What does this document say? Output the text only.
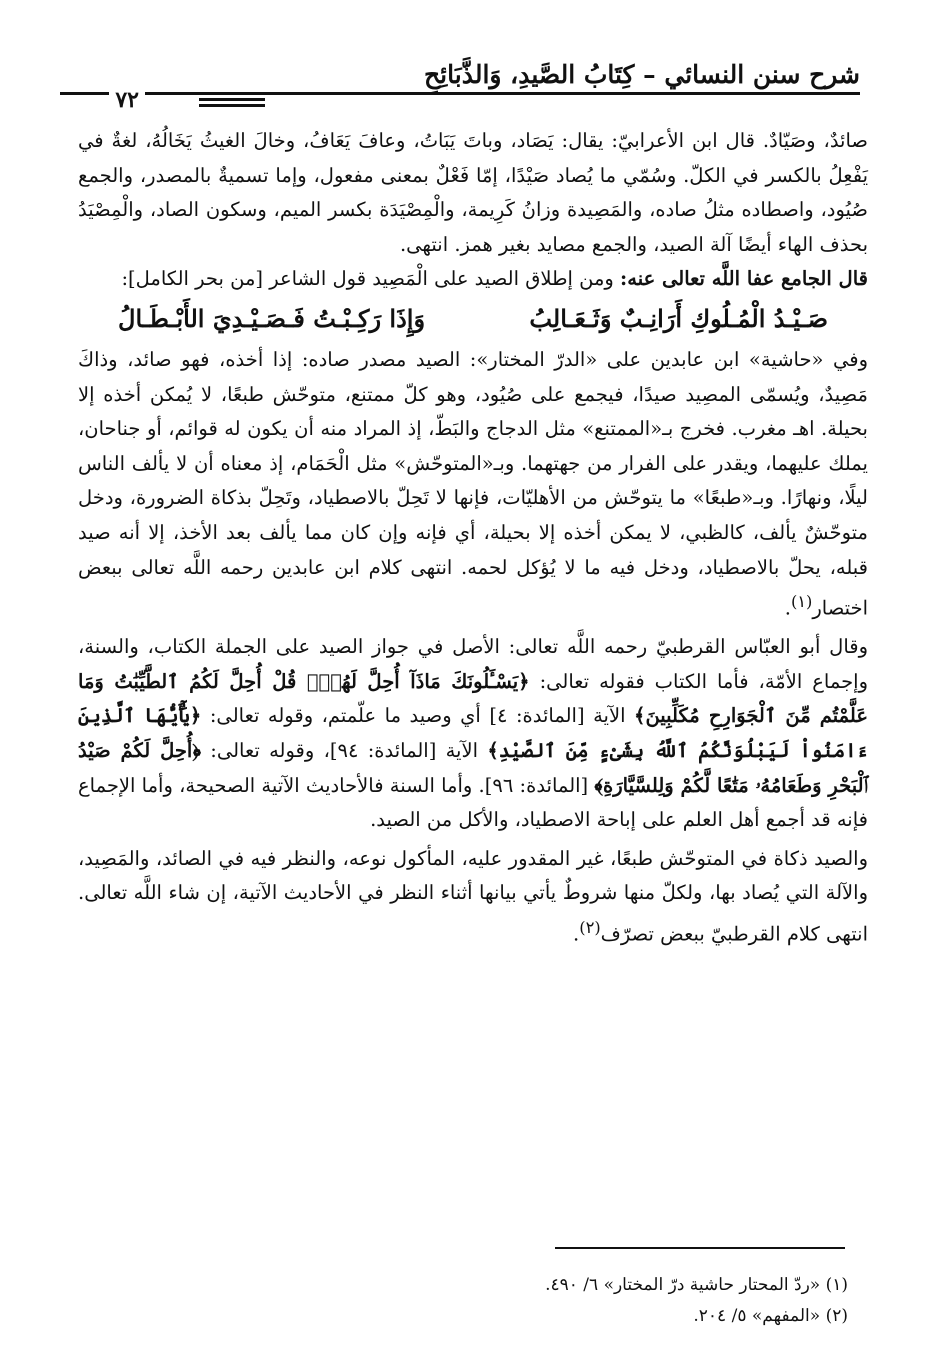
شرح سنن النسائي – كِتَابُ الصَّيدِ، وَالذَّبَائِحِ
٧٢

صائدٌ، وصَيّادٌ. قال ابن الأعرابيّ: يقال: يَصَاد، وباتَ يَبَاتُ، وعافَ يَعَافُ، وخالَ الغيثُ يَخَالُهُ، لغةٌ في يَفْعِلُ بالكسر في الكلّ. وسُمّي ما يُصاد صَيْدًا، إمّا فَعْلٌ بمعنى مفعول، وإما تسميةٌ بالمصدر، والجمع صُيُود، واصطاده مثلُ صاده، والمَصِيدة وزانُ كَرِيمة، والْمِصْيَدَة بكسر الميم، وسكون الصاد، والْمِصْيَدُ بحذف الهاء أيضًا آلة الصيد، والجمع مصايد بغير همز. انتهى.

قال الجامع عفا اللَّه تعالى عنه: ومن إطلاق الصيد على الْمَصِيد قول الشاعر [من بحر الكامل]:

صَـيْـدُ الْمُـلُوكِ أَرَانِـبٌ وَثَـعَـالِبُ
وَإِذَا رَكِـبْـتُ فَـصَـيْـدِيَ الأَبْـطَـالُ

وفي «حاشية» ابن عابدين على «الدرّ المختار»: الصيد مصدر صاده: إذا أخذه، فهو صائد، وذاكَ مَصِيدٌ، ويُسمّى المصِيد صيدًا، فيجمع على صُيُود، وهو كلّ ممتنع، متوحّش طبعًا، لا يُمكن أخذه إلا بحيلة. اهـ مغرب. فخرج بـ«الممتنع» مثل الدجاج والبَطّ، إذ المراد منه أن يكون له قوائم، أو جناحان، يملك عليهما، ويقدر على الفرار من جهتهما. وبـ«المتوحّش» مثل الْحَمَام، إذ معناه أن لا يألف الناس ليلًا، ونهارًا. وبـ«طبعًا» ما يتوحّش من الأهليّات، فإنها لا تَحِلّ بالاصطياد، وتَحِلّ بذكاة الضرورة، ودخل متوحّشٌ يألف، كالظبي، لا يمكن أخذه إلا بحيلة، أي فإنه وإن كان مما يألف بعد الأخذ، إلا أنه صيد قبله، يحلّ بالاصطياد، ودخل فيه ما لا يُؤكل لحمه. انتهى كلام ابن عابدين رحمه اللَّه تعالى ببعض اختصار$^{(١)}$.

وقال أبو العبّاس القرطبيّ رحمه اللَّه تعالى: الأصل في جواز الصيد على الجملة الكتاب، والسنة، وإجماع الأمّة، فأما الكتاب فقوله تعالى: ﴿يَسْـَٔلُونَكَ مَاذَآ أُحِلَّ لَهُمْۖ قُلْ أُحِلَّ لَكُمُ ٱلطَّيِّبَٰتُ وَمَا عَلَّمْتُم مِّنَ ٱلْجَوَارِحِ مُكَلِّبِينَ﴾ الآية [المائدة: ٤] أي وصيد ما علّمتم، وقوله تعالى: ﴿يَٰٓأَيُّهَا ٱلَّذِينَ ءَامَنُواْ لَيَبْلُوَنَّكُمُ ٱللَّهُ بِشَىْءٍ مِّنَ ٱلصَّيْدِ﴾ الآية [المائدة: ٩٤]، وقوله تعالى: ﴿أُحِلَّ لَكُمْ صَيْدُ ٱلْبَحْرِ وَطَعَامُهُۥ مَتَٰعًا لَّكُمْ وَلِلسَّيَّارَةِ﴾ [المائدة: ٩٦]. وأما السنة فالأحاديث الآتية الصحيحة، وأما الإجماع فإنه قد أجمع أهل العلم على إباحة الاصطياد، والأكل من الصيد.

والصيد ذكاة في المتوحّش طبعًا، غير المقدور عليه، المأكول نوعه، والنظر فيه في الصائد، والمَصِيد، والآلة التي يُصاد بها، ولكلّ منها شروطٌ يأتي بيانها أثناء النظر في الأحاديث الآتية، إن شاء اللَّه تعالى. انتهى كلام القرطبيّ ببعض تصرّف$^{(٢)}$.

(١) «ردّ المحتار حاشية درّ المختار» ٦/ ٤٩٠.

(٢) «المفهم» ٥/ ٢٠٤.
